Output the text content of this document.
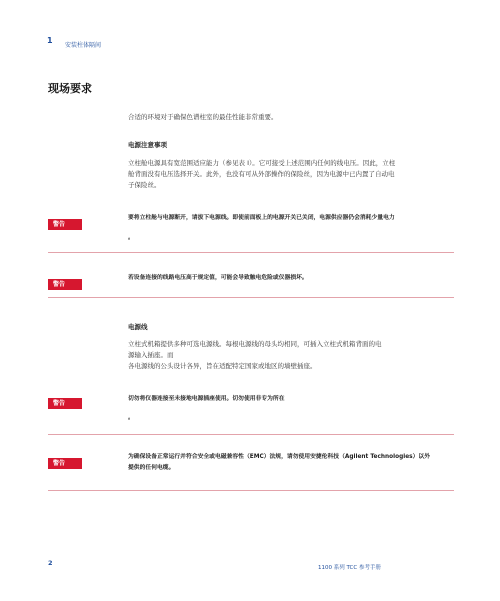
1
安装柱体隔间
现场要求
合适的环境对于确保色谱柱室的最佳性能非常重要。
电源注意事项
立柱舱电源具有宽范围适应能力（参见表 I）。它可接受上述范围内任何的线电压。因此，立柱
舱背面没有电压选择开关。此外，也没有可从外部操作的保险丝，因为电源中已内置了自动电
子保险丝。
警告
要将立柱舱与电源断开，请拔下电源线。即使前面板上的电源开关已关闭，电源供应器仍会消耗少量电力
。
警告
若设备连接的线路电压高于规定值，可能会导致触电危险或仪器损坏。
电源线
立柱式机箱提供多种可选电源线。每根电源线的母头均相同，可插入立柱式机箱背面的电
源输入插座。而
各电源线的公头设计各异，旨在适配特定国家或地区的墙壁插座。
警告
切勿将仪器连接至未接地电源插座使用。切勿使用非专为所在
。
警告
为确保设备正常运行并符合安全或电磁兼容性（EMC）法规，请勿使用安捷伦科技（Agilent Technologies）以外
提供的任何电缆。
2
1100 系列 TCC 参考手册
